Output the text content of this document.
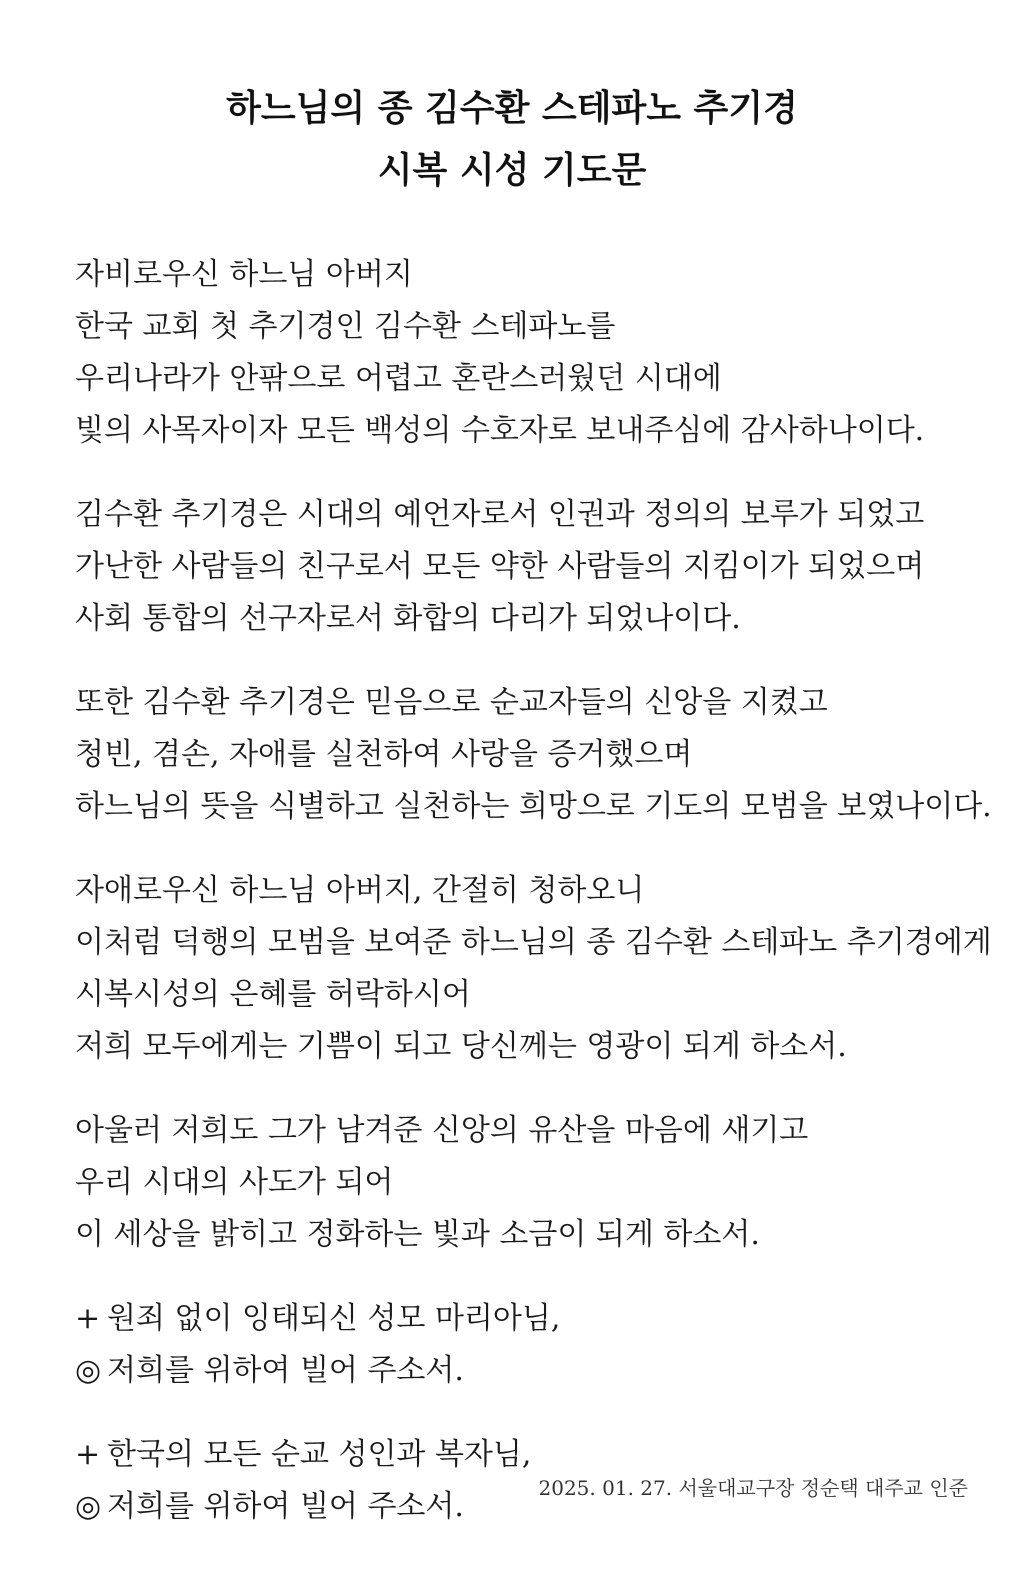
하느님의 종 김수환 스테파노 추기경
시복 시성 기도문
자비로우신 하느님 아버지
한국 교회 첫 추기경인 김수환 스테파노를
우리나라가 안팎으로 어렵고 혼란스러웠던 시대에
빛의 사목자이자 모든 백성의 수호자로 보내주심에 감사하나이다.
김수환 추기경은 시대의 예언자로서 인권과 정의의 보루가 되었고
가난한 사람들의 친구로서 모든 약한 사람들의 지킴이가 되었으며
사회 통합의 선구자로서 화합의 다리가 되었나이다.
또한 김수환 추기경은 믿음으로 순교자들의 신앙을 지켰고
청빈, 겸손, 자애를 실천하여 사랑을 증거했으며
하느님의 뜻을 식별하고 실천하는 희망으로 기도의 모범을 보였나이다.
자애로우신 하느님 아버지, 간절히 청하오니
이처럼 덕행의 모범을 보여준 하느님의 종 김수환 스테파노 추기경에게
시복시성의 은혜를 허락하시어
저희 모두에게는 기쁨이 되고 당신께는 영광이 되게 하소서.
아울러 저희도 그가 남겨준 신앙의 유산을 마음에 새기고
우리 시대의 사도가 되어
이 세상을 밝히고 정화하는 빛과 소금이 되게 하소서.
+ 원죄 없이 잉태되신 성모 마리아님,
◎ 저희를 위하여 빌어 주소서.
+ 한국의 모든 순교 성인과 복자님,
◎ 저희를 위하여 빌어 주소서.
2025. 01. 27. 서울대교구장 정순택 대주교 인준
